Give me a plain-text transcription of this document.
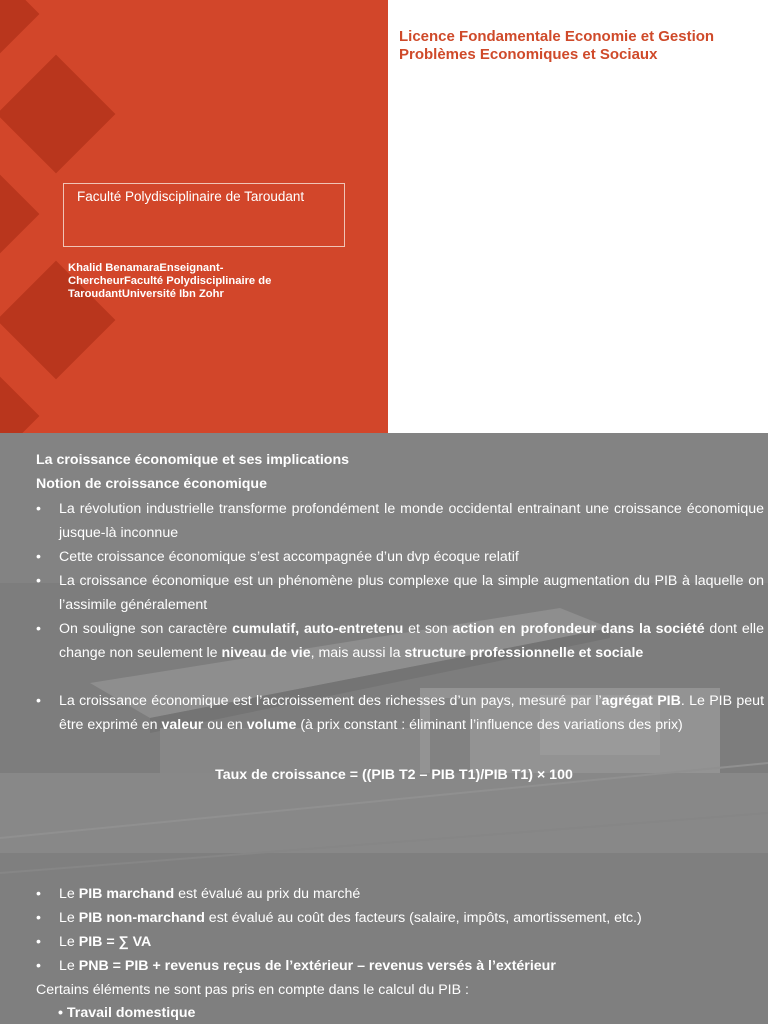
Faculté Polydisciplinaire de Taroudant
Khalid BenamaraEnseignant-
ChercheurFaculté Polydisciplinaire de
TaroudantUniversité Ibn Zohr
Licence Fondamentale Economie et Gestion
Problèmes Economiques et Sociaux
La croissance économique et ses implications
Notion de croissance économique
• La révolution industrielle transforme profondément le monde occidental entrainant une croissance économique jusque-là inconnue
• Cette croissance économique s’est accompagnée d’un dvp écoque relatif
• La croissance économique est un phénomène plus complexe que la simple augmentation du PIB à laquelle on l’assimile généralement
• On souligne son caractère cumulatif, auto-entretenu et son action en profondeur dans la société dont elle change non seulement le niveau de vie, mais aussi la structure professionnelle et sociale
• La croissance économique est l’accroissement des richesses d’un pays, mesuré par l’agrégat PIB. Le PIB peut être exprimé en valeur ou en volume (à prix constant : éliminant l’influence des variations des prix)
Taux de croissance = ((PIB T2 – PIB T1)/PIB T1) × 100
• Le PIB marchand est évalué au prix du marché
• Le PIB non-marchand est évalué au coût des facteurs (salaire, impôts, amortissement, etc.)
• Le PIB = ∑ VA
• Le PNB = PIB + revenus reçus de l’extérieur – revenus versés à l’extérieur
Certains éléments ne sont pas pris en compte dans le calcul du PIB :
• Travail domestique
